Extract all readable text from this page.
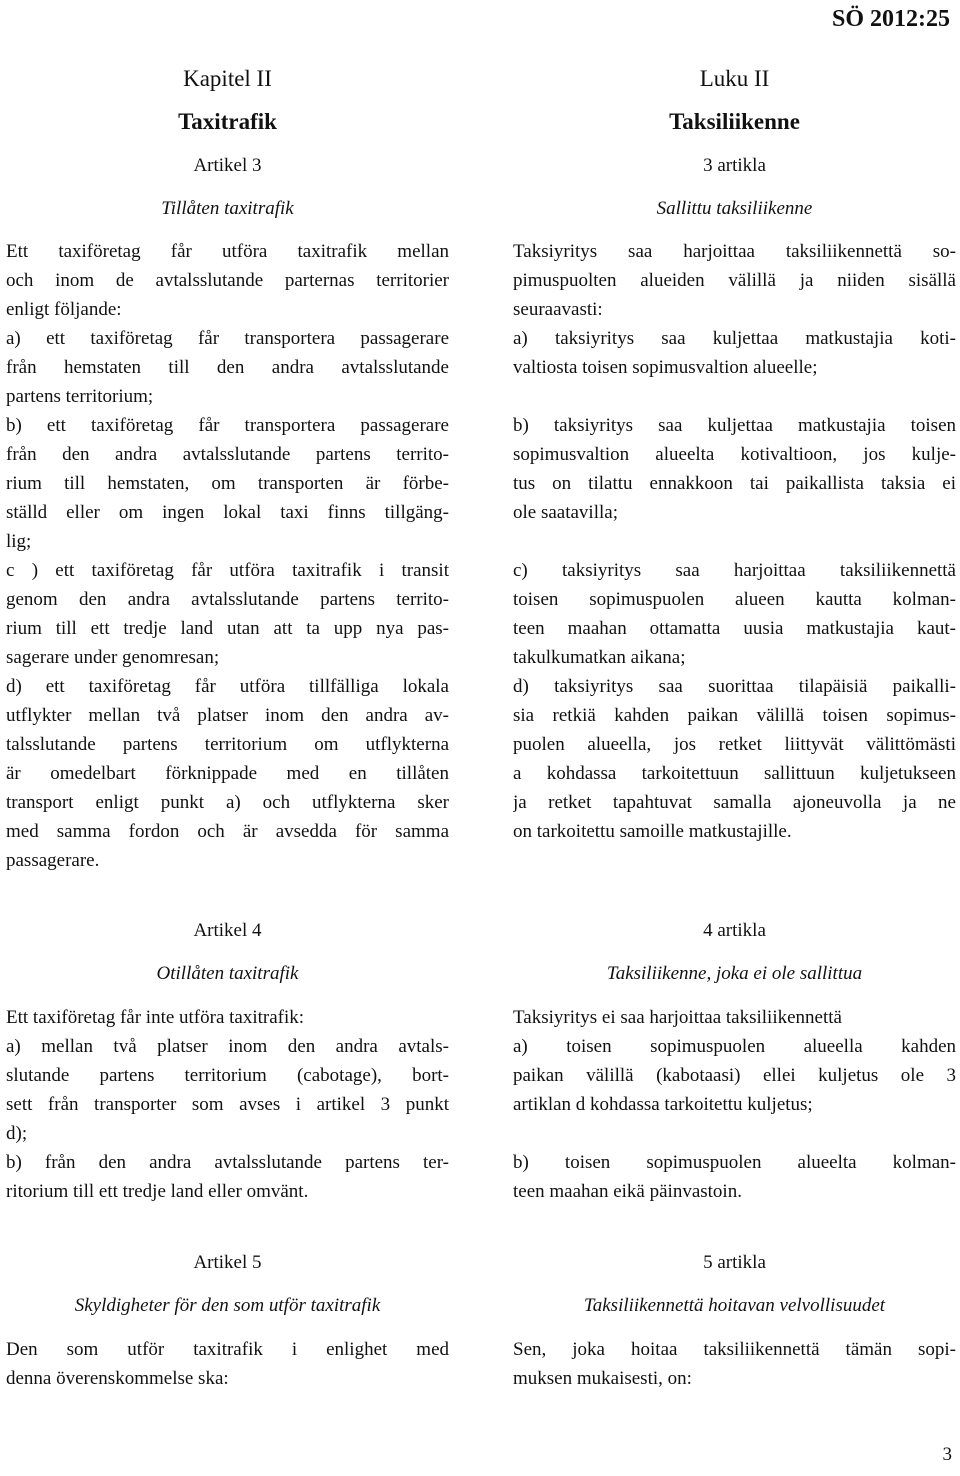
SÖ 2012:25
Kapitel II
Taxitrafik
Artikel 3
Tillåten taxitrafik
Ett taxiföretag får utföra taxitrafik mellan
och inom de avtalsslutande parternas territorier
enligt följande:
a) ett taxiföretag får transportera passagerare
från hemstaten till den andra avtalsslutande
partens territorium;
b) ett taxiföretag får transportera passagerare
från den andra avtalsslutande partens territo-
rium till hemstaten, om transporten är förbe-
ställd eller om ingen lokal taxi finns tillgäng-
lig;
c ) ett taxiföretag får utföra taxitrafik i transit
genom den andra avtalsslutande partens territo-
rium till ett tredje land utan att ta upp nya pas-
sagerare under genomresan;
d) ett taxiföretag får utföra tillfälliga lokala
utflykter mellan två platser inom den andra av-
talsslutande partens territorium om utflykterna
är omedelbart förknippade med en tillåten
transport enligt punkt a) och utflykterna sker
med samma fordon och är avsedda för samma
passagerare.
Artikel 4
Otillåten taxitrafik
Ett taxiföretag får inte utföra taxitrafik:
a) mellan två platser inom den andra avtals-
slutande partens territorium (cabotage), bort-
sett från transporter som avses i artikel 3 punkt
d);
b) från den andra avtalsslutande partens ter-
ritorium till ett tredje land eller omvänt.
Artikel 5
Skyldigheter för den som utför taxitrafik
Den som utför taxitrafik i enlighet med
denna överenskommelse ska:
Luku II
Taksiliikenne
3 artikla
Sallittu taksiliikenne
Taksiyritys saa harjoittaa taksiliikennettä so-
pimuspuolten alueiden välillä ja niiden sisällä
seuraavasti:
a) taksiyritys saa kuljettaa matkustajia koti-
valtiosta toisen sopimusvaltion alueelle;
b) taksiyritys saa kuljettaa matkustajia toisen
sopimusvaltion alueelta kotivaltioon, jos kulje-
tus on tilattu ennakkoon tai paikallista taksia ei
ole saatavilla;
c) taksiyritys saa harjoittaa taksiliikennettä
toisen sopimuspuolen alueen kautta kolman-
teen maahan ottamatta uusia matkustajia kaut-
takulkumatkan aikana;
d) taksiyritys saa suorittaa tilapäisiä paikalli-
sia retkiä kahden paikan välillä toisen sopimus-
puolen alueella, jos retket liittyvät välittömästi
a kohdassa tarkoitettuun sallittuun kuljetukseen
ja retket tapahtuvat samalla ajoneuvolla ja ne
on tarkoitettu samoille matkustajille.
4 artikla
Taksiliikenne, joka ei ole sallittua
Taksiyritys ei saa harjoittaa taksiliikennettä
a) toisen sopimuspuolen alueella kahden
paikan välillä (kabotaasi) ellei kuljetus ole 3
artiklan d kohdassa tarkoitettu kuljetus;
b) toisen sopimuspuolen alueelta kolman-
teen maahan eikä päinvastoin.
5 artikla
Taksiliikennettä hoitavan velvollisuudet
Sen, joka hoitaa taksiliikennettä tämän sopi-
muksen mukaisesti, on:
3
